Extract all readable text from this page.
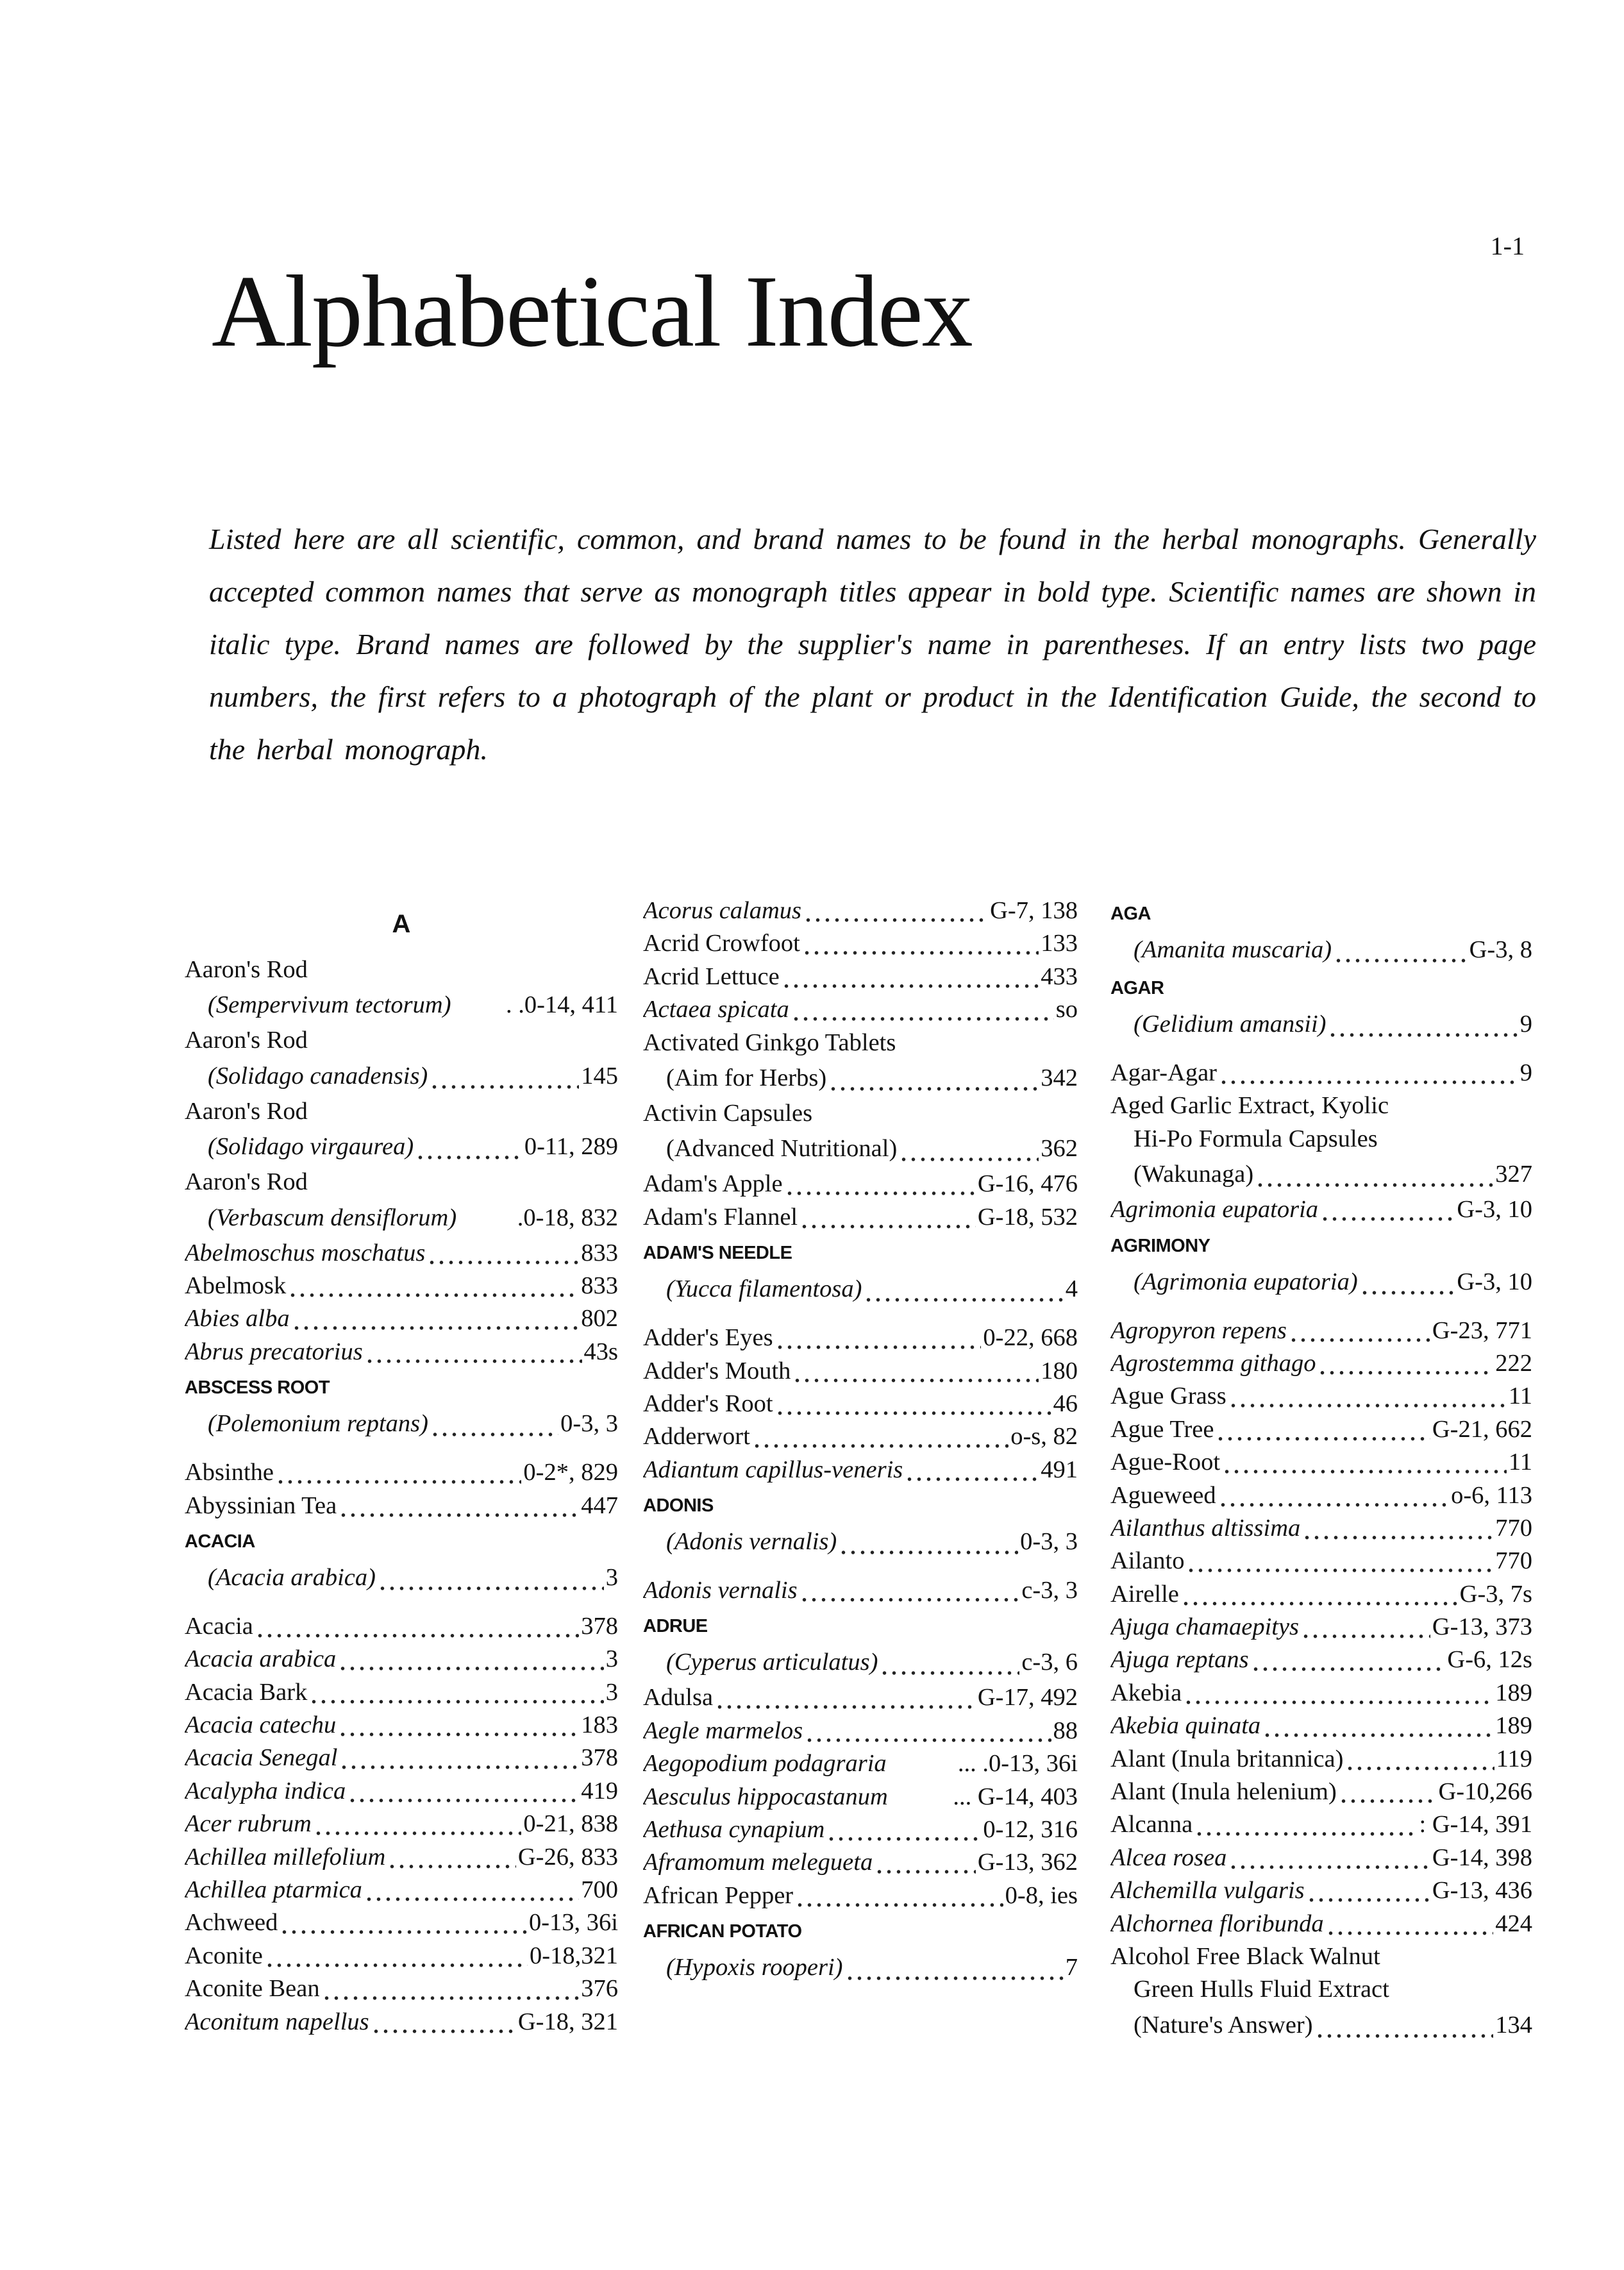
1-1
Alphabetical Index

Listed here are all scientific, common, and brand names to be found in the herbal monographs. Generally accepted common names that serve as monograph titles appear in bold type. Scientific names are shown in italic type. Brand names are followed by the supplier's name in parentheses. If an entry lists two page numbers, the first refers to a photograph of the plant or product in the Identification Guide, the second to the herbal monograph.

A
Aaron's Rod
(Sempervivum tectorum) . .0-14, 411
Aaron's Rod
(Solidago canadensis)	145
Aaron's Rod
(Solidago virgaurea)	0-11, 289
Aaron's Rod
(Verbascum densiflorum) .0-18, 832
Abelmoschus moschatus	833
Abelmosk	833
Abies alba	802
Abrus precatorius	43s
ABSCESS ROOT
(Polemonium reptans)	0-3, 3
Absinthe	0-2*, 829
Abyssinian Tea	447
ACACIA
(Acacia arabica)	3
Acacia	378
Acacia arabica	3
Acacia Bark	3
Acacia catechu	183
Acacia Senegal	378
Acalypha indica	419
Acer rubrum	0-21, 838
Achillea millefolium	G-26, 833
Achillea ptarmica	700
Achweed	0-13, 36i
Aconite	0-18,321
Aconite Bean	376
Aconitum napellus	G-18, 321
Acorus calamus	G-7, 138
Acrid Crowfoot	133
Acrid Lettuce	433
Actaea spicata	so
Activated Ginkgo Tablets
(Aim for Herbs)	342
Activin Capsules
(Advanced Nutritional)	362
Adam's Apple	G-16, 476
Adam's Flannel	G-18, 532
ADAM'S NEEDLE
(Yucca filamentosa)	4
Adder's Eyes	0-22, 668
Adder's Mouth	180
Adder's Root	46
Adderwort	o-s, 82
Adiantum capillus-veneris	491
ADONIS
(Adonis vernalis)	0-3, 3
Adonis vernalis	c-3, 3
ADRUE
(Cyperus articulatus)	c-3, 6
Adulsa	G-17, 492
Aegle marmelos	88
Aegopodium podagraria	... .0-13, 36i
Aesculus hippocastanum	... G-14, 403
Aethusa cynapium	0-12, 316
Aframomum melegueta	G-13, 362
African Pepper	0-8, ies
AFRICAN POTATO
(Hypoxis rooperi)	7
AGA
(Amanita muscaria)	G-3, 8
AGAR
(Gelidium amansii)	9
Agar-Agar	9
Aged Garlic Extract, Kyolic
Hi-Po Formula Capsules
(Wakunaga)	327
Agrimonia eupatoria	G-3, 10
AGRIMONY
(Agrimonia eupatoria)	G-3, 10
Agropyron repens	G-23, 771
Agrostemma githago	222
Ague Grass	11
Ague Tree	G-21, 662
Ague-Root	11
Agueweed	o-6, 113
Ailanthus altissima	770
Ailanto	770
Airelle	G-3, 7s
Ajuga chamaepitys	G-13, 373
Ajuga reptans	G-6, 12s
Akebia	189
Akebia quinata	189
Alant (Inula britannica)	119
Alant (Inula helenium)	G-10,266
Alcanna	: G-14, 391
Alcea rosea	G-14, 398
Alchemilla vulgaris	G-13, 436
Alchornea floribunda	424
Alcohol Free Black Walnut
Green Hulls Fluid Extract
(Nature's Answer)	134
